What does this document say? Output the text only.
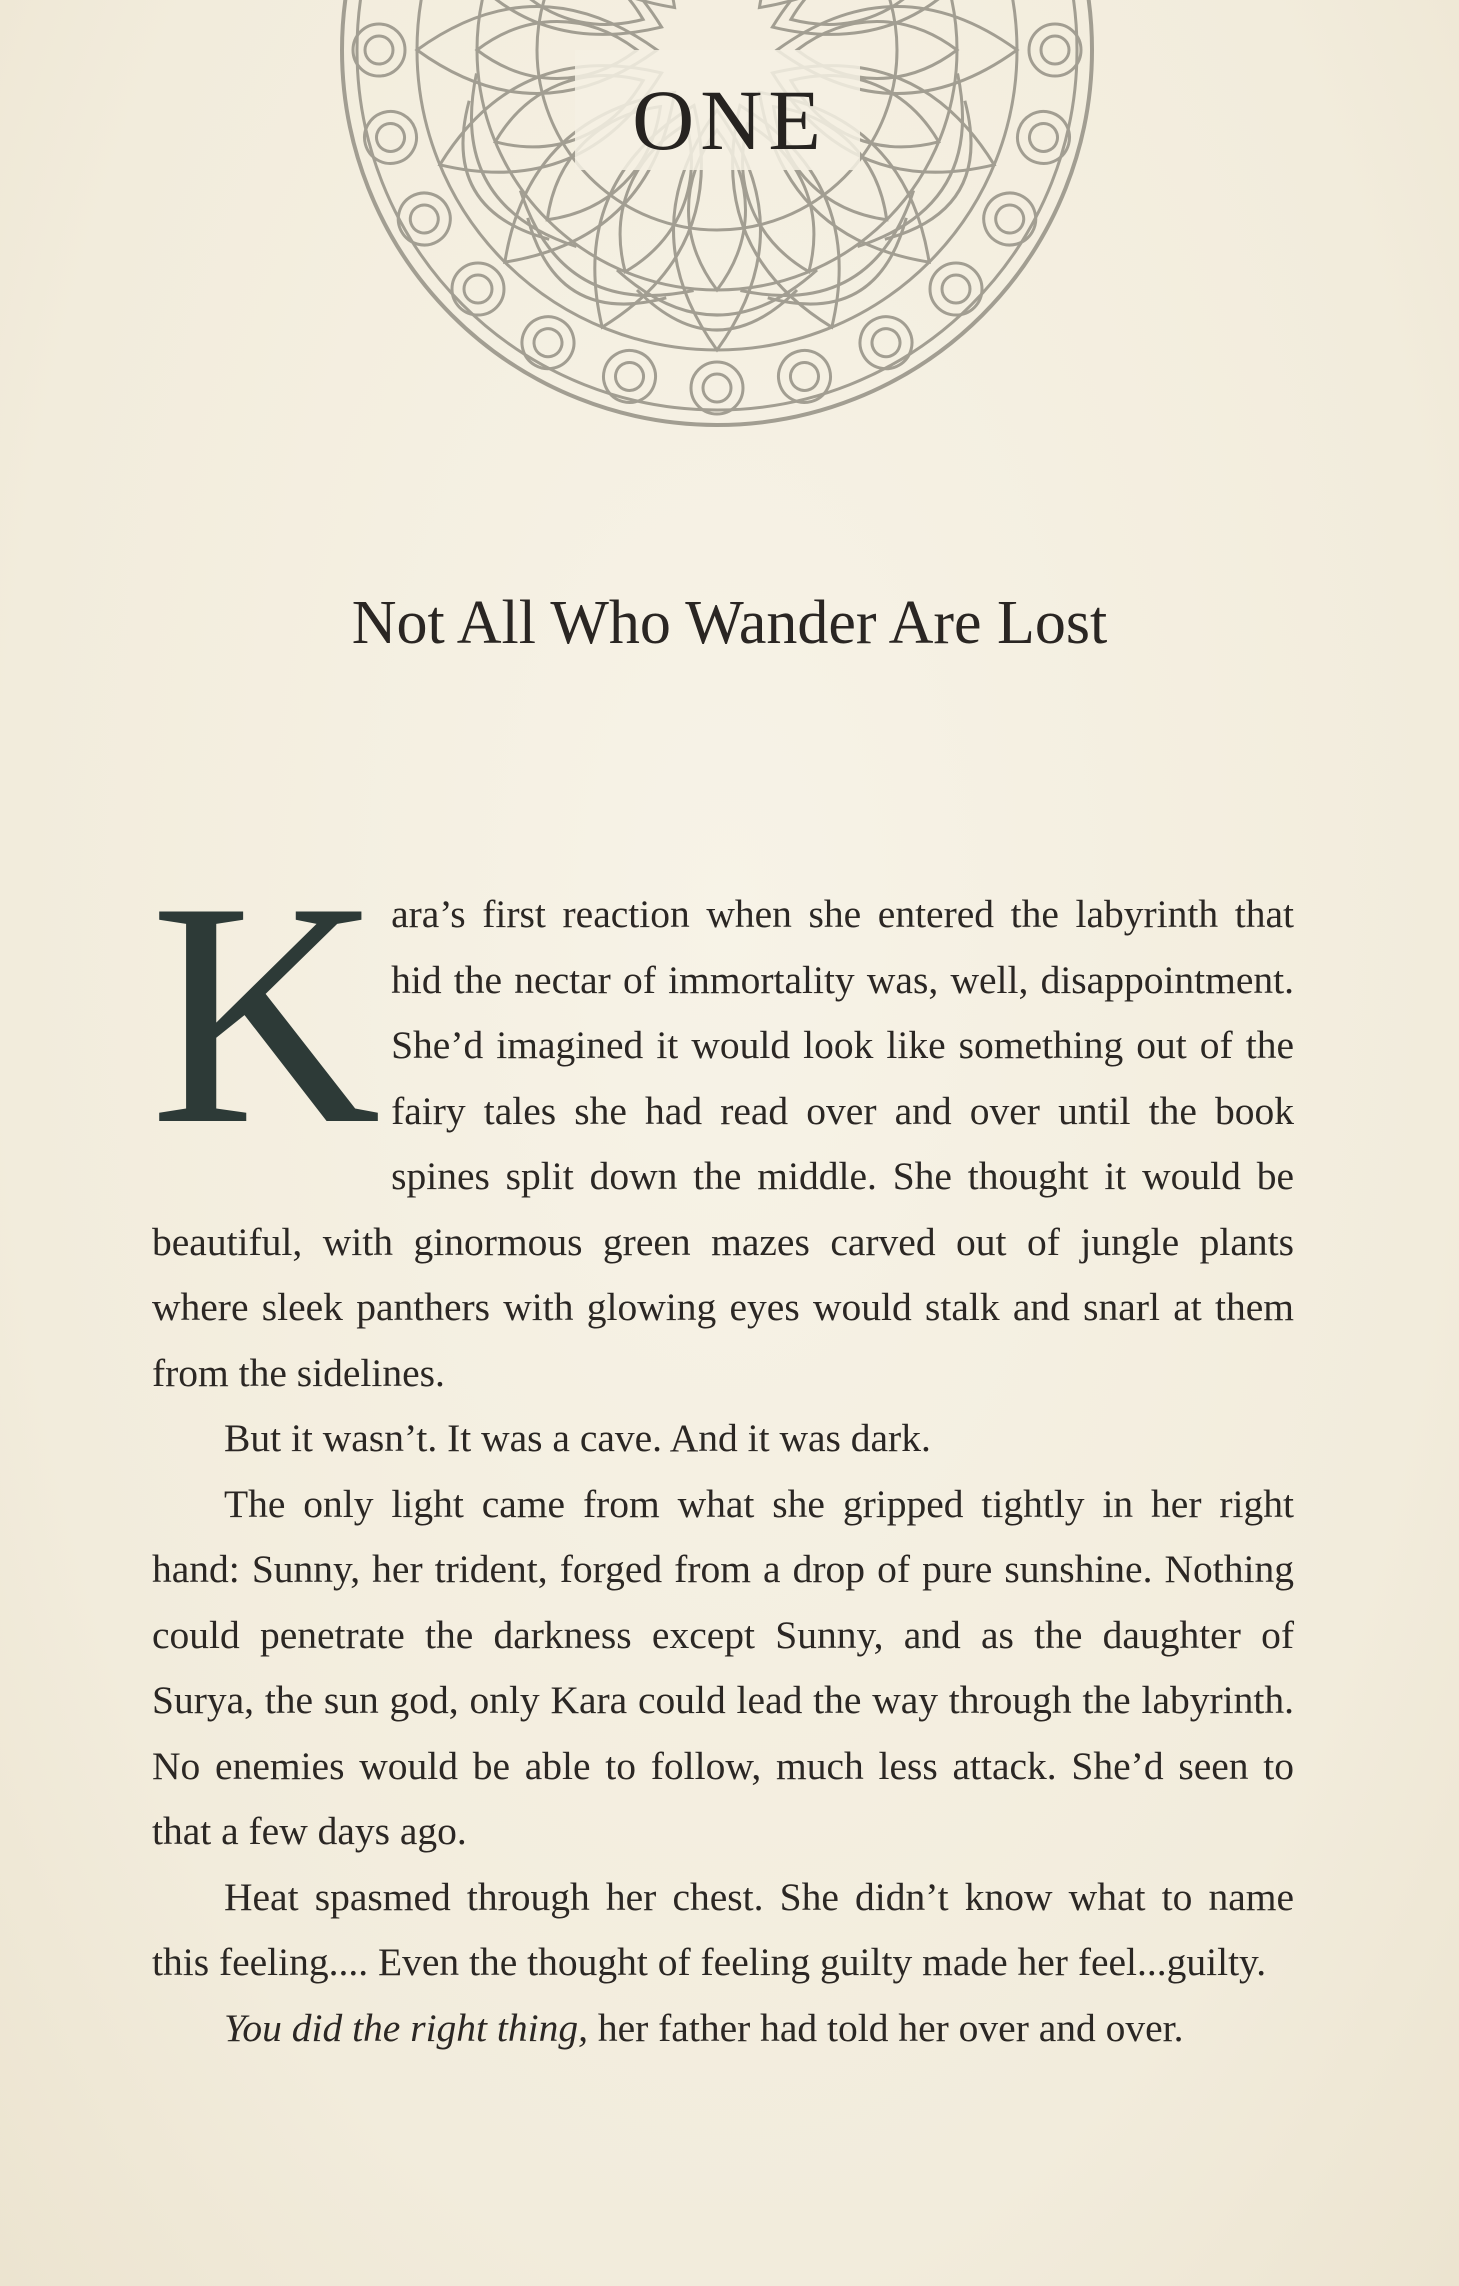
ONE
Not All Who Wander Are Lost

Kara’s first reaction when she entered the labyrinth that hid the nectar of immortality was, well, disappointment. She’d imagined it would look like something out of the fairy tales she had read over and over until the book spines split down the middle. She thought it would be beautiful, with ginormous green mazes carved out of jungle plants where sleek panthers with glowing eyes would stalk and snarl at them from the sidelines.

But it wasn’t. It was a cave. And it was dark.

The only light came from what she gripped tightly in her right hand: Sunny, her trident, forged from a drop of pure sunshine. Nothing could penetrate the darkness except Sunny, and as the daughter of Surya, the sun god, only Kara could lead the way through the labyrinth. No enemies would be able to follow, much less attack. She’d seen to that a few days ago.

Heat spasmed through her chest. She didn’t know what to name this feeling.... Even the thought of feeling guilty made her feel...guilty.

You did the right thing, her father had told her over and over.
